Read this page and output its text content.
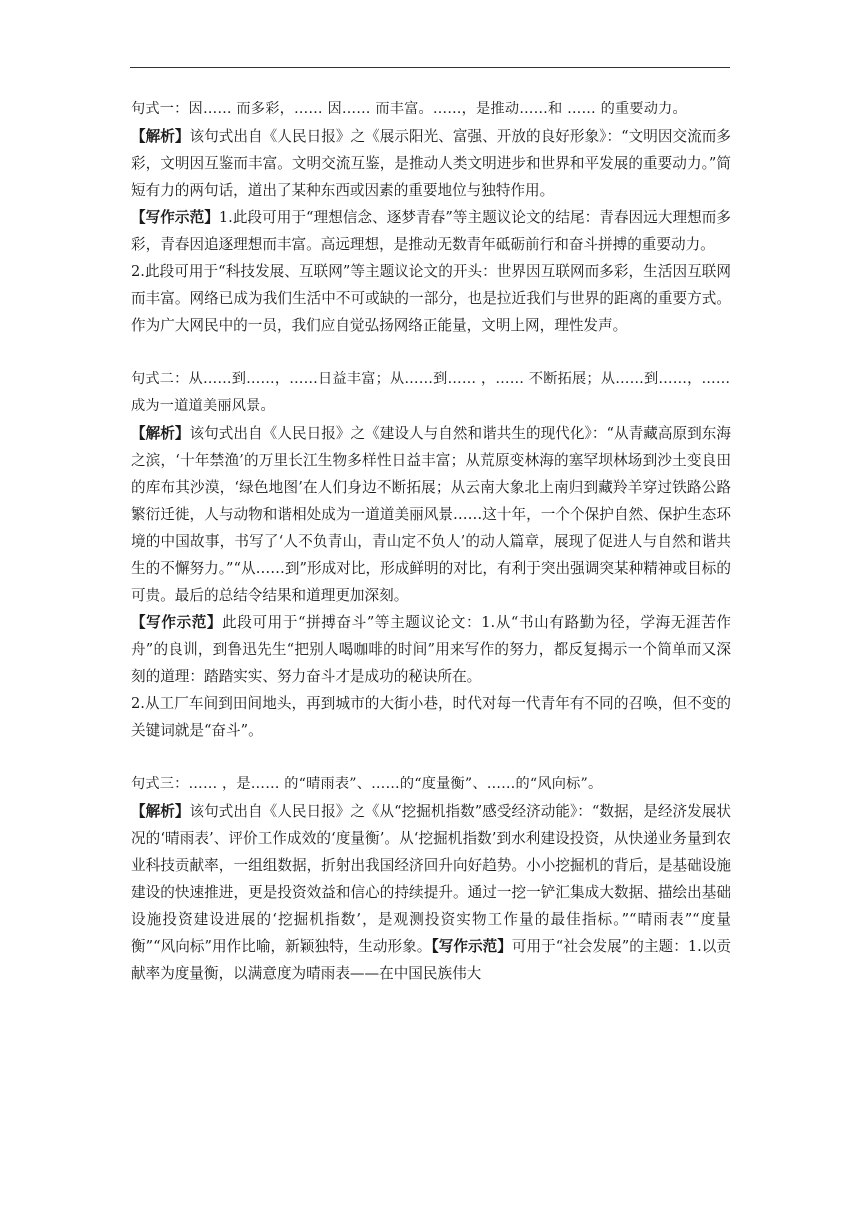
句式一：因…… 而多彩，…… 因…… 而丰富。……，是推动……和 …… 的重要动力。

【解析】该句式出自《人民日报》之《展示阳光、富强、开放的良好形象》：“文明因交流而多彩，文明因互鉴而丰富。文明交流互鉴，是推动人类文明进步和世界和平发展的重要动力。”简短有力的两句话，道出了某种东西或因素的重要地位与独特作用。

【写作示范】1.此段可用于“理想信念、逐梦青春”等主题议论文的结尾：青春因远大理想而多彩，青春因追逐理想而丰富。高远理想，是推动无数青年砥砺前行和奋斗拼搏的重要动力。

2.此段可用于“科技发展、互联网”等主题议论文的开头：世界因互联网而多彩，生活因互联网而丰富。网络已成为我们生活中不可或缺的一部分，也是拉近我们与世界的距离的重要方式。作为广大网民中的一员，我们应自觉弘扬网络正能量，文明上网，理性发声。

句式二：从……到……，……日益丰富；从……到…… ，…… 不断拓展；从……到……，……成为一道道美丽风景。

【解析】该句式出自《人民日报》之《建设人与自然和谐共生的现代化》：“从青藏高原到东海之滨，‘十年禁渔’的万里长江生物多样性日益丰富；从荒原变林海的塞罕坝林场到沙土变良田的库布其沙漠，‘绿色地图’在人们身边不断拓展；从云南大象北上南归到藏羚羊穿过铁路公路繁衍迁徙，人与动物和谐相处成为一道道美丽风景……这十年，一个个保护自然、保护生态环境的中国故事，书写了‘人不负青山，青山定不负人’的动人篇章，展现了促进人与自然和谐共生的不懈努力。”“从……到”形成对比，形成鲜明的对比，有利于突出强调突某种精神或目标的可贵。最后的总结令结果和道理更加深刻。

【写作示范】此段可用于“拼搏奋斗”等主题议论文：1.从“书山有路勤为径，学海无涯苦作舟”的良训，到鲁迅先生“把别人喝咖啡的时间”用来写作的努力，都反复揭示一个简单而又深刻的道理：踏踏实实、努力奋斗才是成功的秘诀所在。

2.从工厂车间到田间地头，再到城市的大街小巷，时代对每一代青年有不同的召唤，但不变的关键词就是“奋斗”。

句式三：…… ，是…… 的“晴雨表”、……的“度量衡”、……的“风向标”。

【解析】该句式出自《人民日报》之《从“挖掘机指数”感受经济动能》：“数据，是经济发展状况的‘晴雨表’、评价工作成效的‘度量衡’。从‘挖掘机指数’到水利建设投资，从快递业务量到农业科技贡献率，一组组数据，折射出我国经济回升向好趋势。小小挖掘机的背后，是基础设施建设的快速推进，更是投资效益和信心的持续提升。通过一挖一铲汇集成大数据、描绘出基础设施投资建设进展的‘挖掘机指数’，是观测投资实物工作量的最佳指标。”“晴雨表”“度量衡”“风向标”用作比喻，新颖独特，生动形象。【写作示范】可用于“社会发展”的主题：1.以贡献率为度量衡，以满意度为晴雨表——在中国民族伟大
